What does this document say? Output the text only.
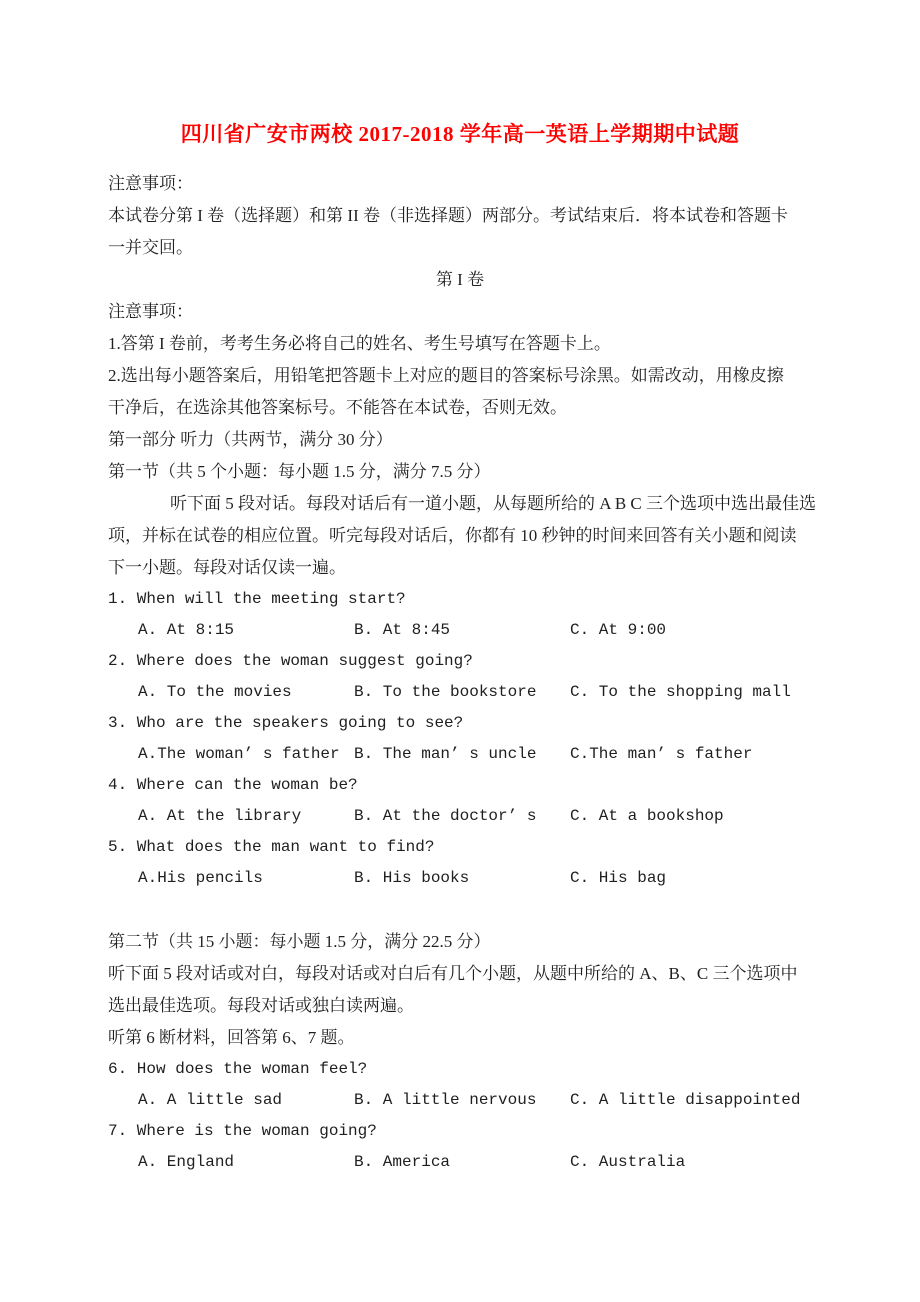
四川省广安市两校 2017-2018 学年高一英语上学期期中试题
注意事项：
本试卷分第 I 卷（选择题）和第 II 卷（非选择题）两部分。考试结束后．将本试卷和答题卡
一并交回。
第 I 卷
注意事项：
1.答第 I 卷前，考考生务必将自己的姓名、考生号填写在答题卡上。
2.选出每小题答案后，用铅笔把答题卡上对应的题目的答案标号涂黑。如需改动，用橡皮擦
干净后，在选涂其他答案标号。不能答在本试卷，否则无效。
第一部分 听力（共两节，满分 30 分）
第一节（共 5 个小题：每小题 1.5 分，满分 7.5 分）
听下面 5 段对话。每段对话后有一道小题，从每题所给的 A B C 三个选项中选出最佳选
项，并标在试卷的相应位置。听完每段对话后，你都有 10 秒钟的时间来回答有关小题和阅读
下一小题。每段对话仅读一遍。
1. When will the meeting start?
A. At 8:15	B. At 8:45	C. At 9:00
2. Where does the woman suggest going?
A. To the movies	B. To the bookstore	C. To the shopping mall
3. Who are the speakers going to see?
A.The woman’ s father B. The man’ s uncle	C.The man’ s father
4. Where can the woman be?
A. At the library	B. At the doctor’ s	C. At a bookshop
5. What does the man want to find?
A.His pencils	B. His books	C. His bag
第二节（共 15 小题：每小题 1.5 分，满分 22.5 分）
听下面 5 段对话或对白，每段对话或对白后有几个小题，从题中所给的 A、B、C 三个选项中
选出最佳选项。每段对话或独白读两遍。
听第 6 断材料，回答第 6、7 题。
6. How does the woman feel?
A. A little sad	B. A little nervous	C. A little disappointed
7. Where is the woman going?
A. England	B. America	C. Australia
